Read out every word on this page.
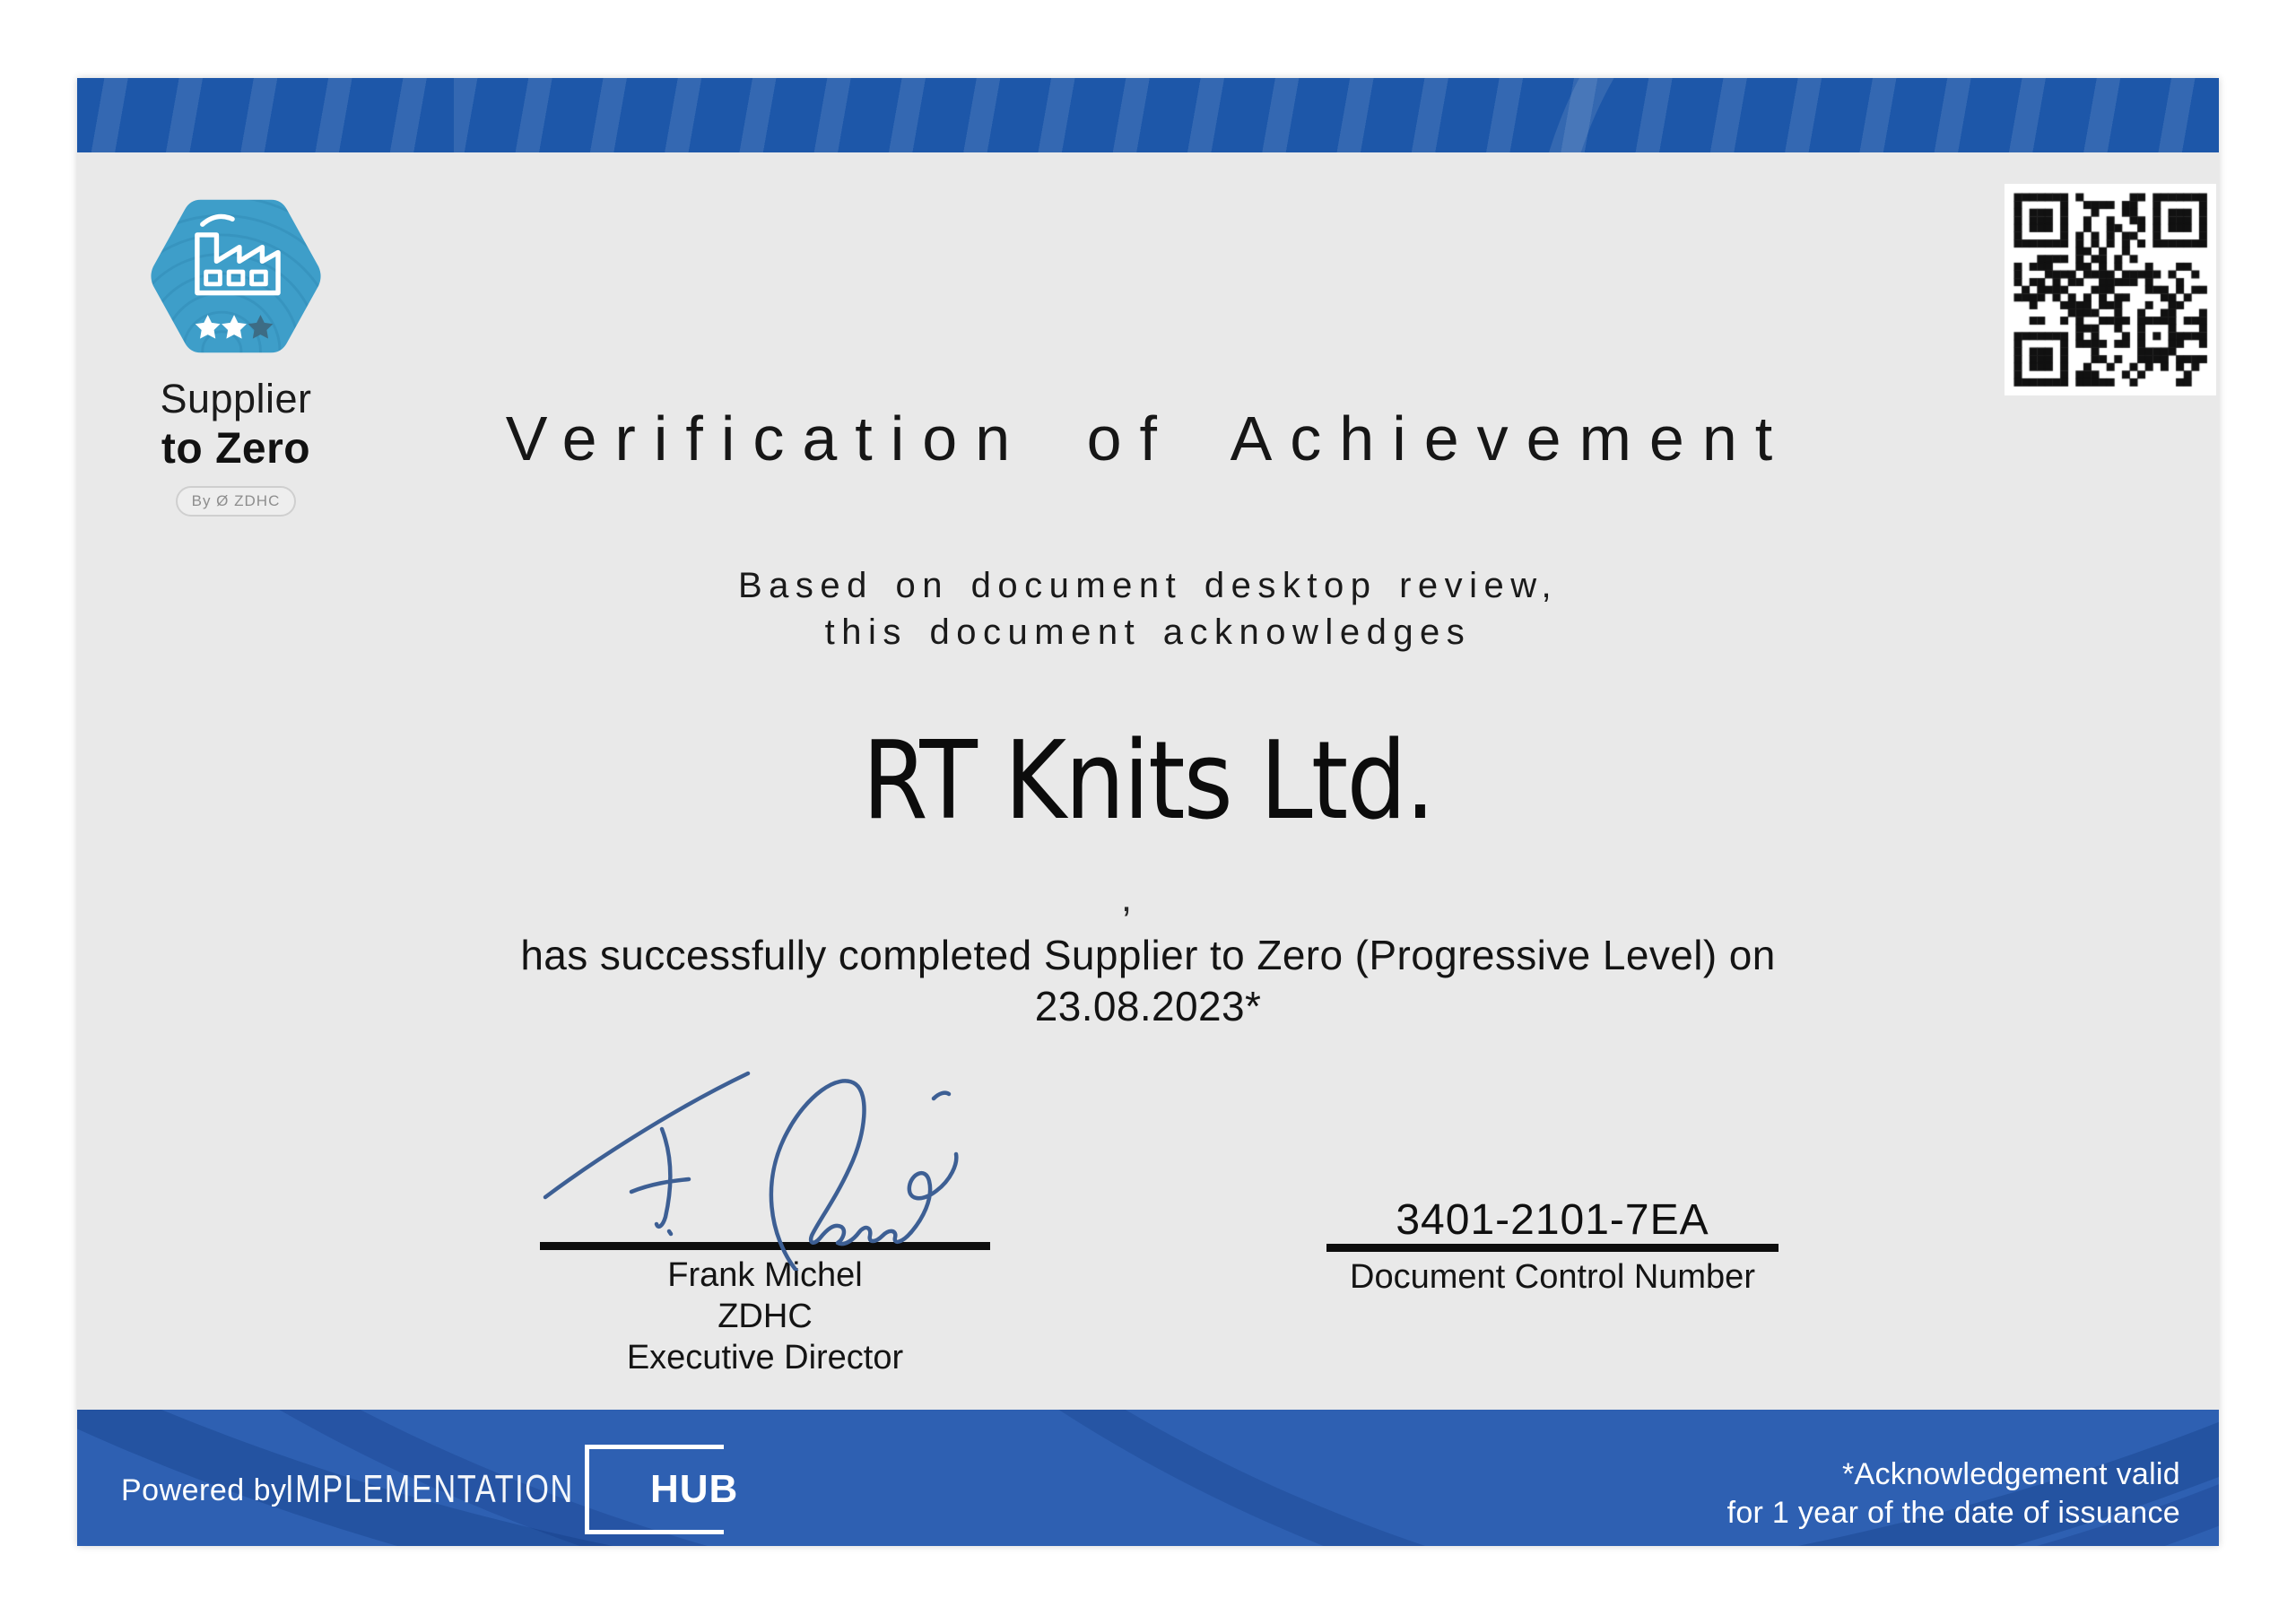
Supplier
to Zero
By Ø ZDHC
Verification of Achievement
Based on document desktop review,
this document acknowledges
RT Knits Ltd.
,
has successfully completed Supplier to Zero (Progressive Level) on
23.08.2023*
Frank Michel
ZDHC
Executive Director
3401-2101-7EA
Document Control Number
Powered by
IMPLEMENTATION HUB	*Acknowledgement valid
for 1 year of the date of issuance
